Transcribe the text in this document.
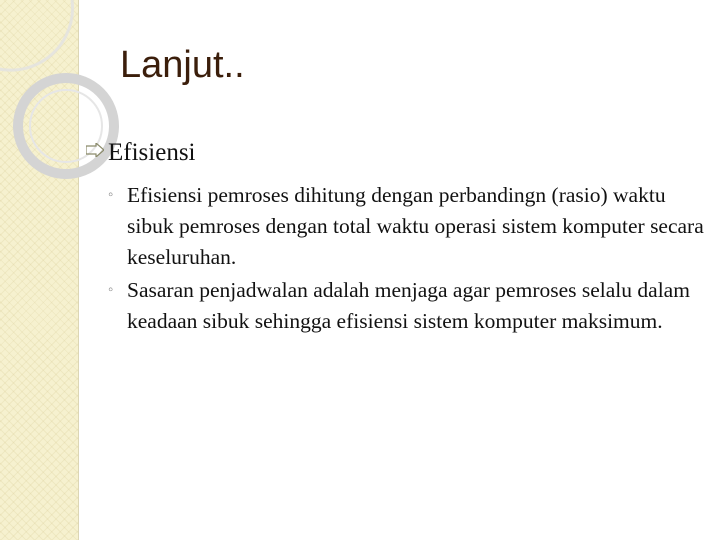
Lanjut..
Efisiensi
◦ Efisiensi pemroses dihitung dengan perbandingn (rasio) waktu sibuk pemroses dengan total waktu operasi sistem komputer secara keseluruhan.
◦ Sasaran penjadwalan adalah menjaga agar pemroses selalu dalam keadaan sibuk sehingga efisiensi sistem komputer maksimum.
